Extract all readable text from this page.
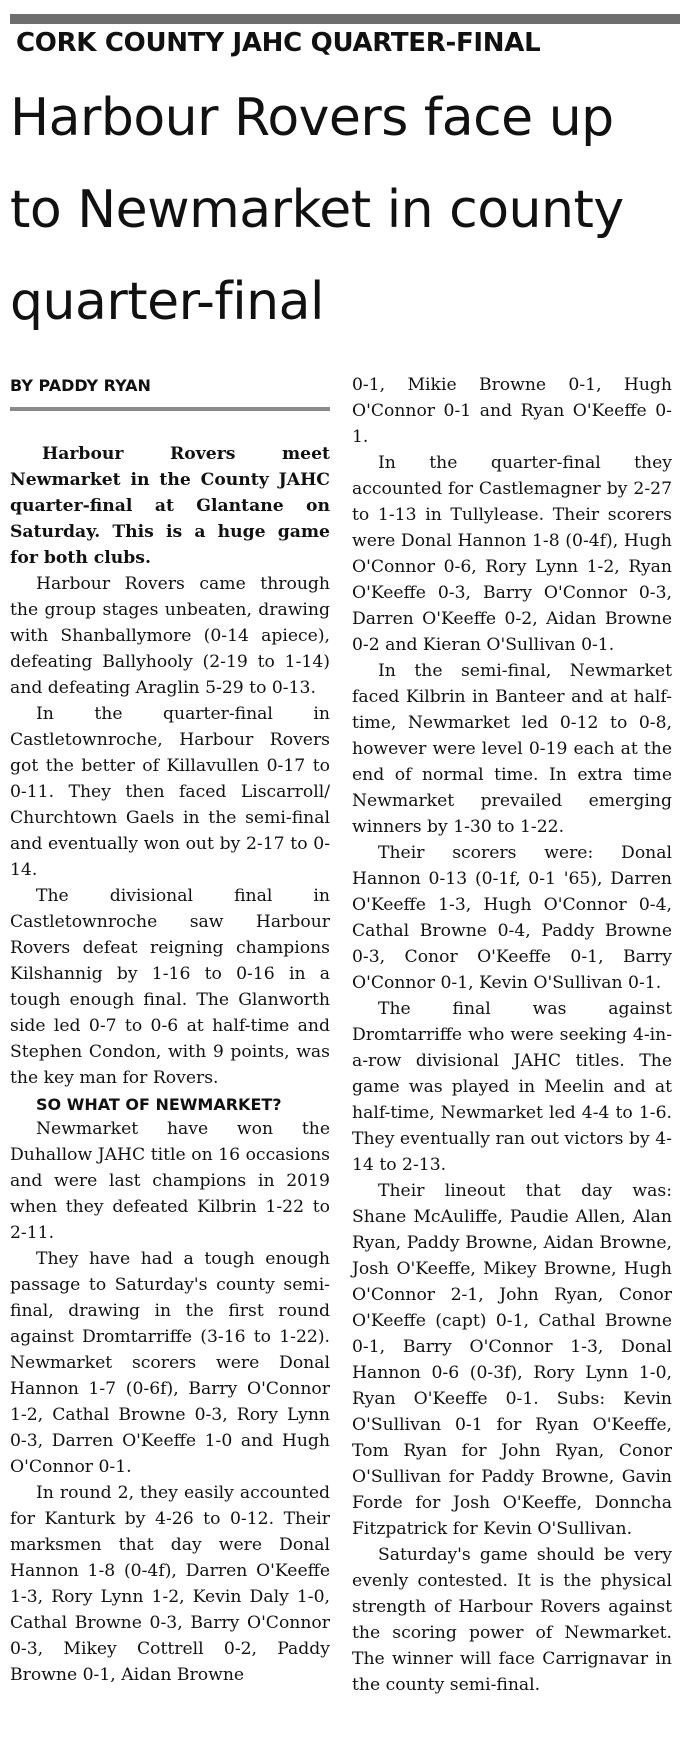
CORK COUNTY JAHC QUARTER-FINAL
Harbour Rovers face up to Newmarket in county quarter-final
BY PADDY RYAN

Harbour Rovers meet Newmarket in the County JAHC quarter-final at Glantane on Saturday. This is a huge game for both clubs.

Harbour Rovers came through the group stages unbeaten, drawing with Shanballymore (0-14 apiece), defeating Ballyhooly (2-19 to 1-14) and defeating Araglin 5-29 to 0-13.

In the quarter-final in Castletownroche, Harbour Rovers got the better of Killavullen 0-17 to 0-11. They then faced Liscarroll/ Churchtown Gaels in the semi-final and eventually won out by 2-17 to 0-14.

The divisional final in Castletownroche saw Harbour Rovers defeat reigning champions Kilshannig by 1-16 to 0-16 in a tough enough final. The Glanworth side led 0-7 to 0-6 at half-time and Stephen Condon, with 9 points, was the key man for Rovers.

SO WHAT OF NEWMARKET?

Newmarket have won the Duhallow JAHC title on 16 occasions and were last champions in 2019 when they defeated Kilbrin 1-22 to 2-11.

They have had a tough enough passage to Saturday's county semi-final, drawing in the first round against Dromtarriffe (3-16 to 1-22). Newmarket scorers were Donal Hannon 1-7 (0-6f), Barry O'Connor 1-2, Cathal Browne 0-3, Rory Lynn 0-3, Darren O'Keeffe 1-0 and Hugh O'Connor 0-1.

In round 2, they easily accounted for Kanturk by 4-26 to 0-12. Their marksmen that day were Donal Hannon 1-8 (0-4f), Darren O'Keeffe 1-3, Rory Lynn 1-2, Kevin Daly 1-0, Cathal Browne 0-3, Barry O'Connor 0-3, Mikey Cottrell 0-2, Paddy Browne 0-1, Aidan Browne

0-1, Mikie Browne 0-1, Hugh O'Connor 0-1 and Ryan O'Keeffe 0-1.

In the quarter-final they accounted for Castlemagner by 2-27 to 1-13 in Tullylease. Their scorers were Donal Hannon 1-8 (0-4f), Hugh O'Connor 0-6, Rory Lynn 1-2, Ryan O'Keeffe 0-3, Barry O'Connor 0-3, Darren O'Keeffe 0-2, Aidan Browne 0-2 and Kieran O'Sullivan 0-1.

In the semi-final, Newmarket faced Kilbrin in Banteer and at half-time, Newmarket led 0-12 to 0-8, however were level 0-19 each at the end of normal time. In extra time Newmarket prevailed emerging winners by 1-30 to 1-22.

Their scorers were: Donal Hannon 0-13 (0-1f, 0-1 '65), Darren O'Keeffe 1-3, Hugh O'Connor 0-4, Cathal Browne 0-4, Paddy Browne 0-3, Conor O'Keeffe 0-1, Barry O'Connor 0-1, Kevin O'Sullivan 0-1.

The final was against Dromtarriffe who were seeking 4-in-a-row divisional JAHC titles. The game was played in Meelin and at half-time, Newmarket led 4-4 to 1-6. They eventually ran out victors by 4-14 to 2-13.

Their lineout that day was: Shane McAuliffe, Paudie Allen, Alan Ryan, Paddy Browne, Aidan Browne, Josh O'Keeffe, Mikey Browne, Hugh O'Connor 2-1, John Ryan, Conor O'Keeffe (capt) 0-1, Cathal Browne 0-1, Barry O'Connor 1-3, Donal Hannon 0-6 (0-3f), Rory Lynn 1-0, Ryan O'Keeffe 0-1. Subs: Kevin O'Sullivan 0-1 for Ryan O'Keeffe, Tom Ryan for John Ryan, Conor O'Sullivan for Paddy Browne, Gavin Forde for Josh O'Keeffe, Donncha Fitzpatrick for Kevin O'Sullivan.

Saturday's game should be very evenly contested. It is the physical strength of Harbour Rovers against the scoring power of Newmarket. The winner will face Carrignavar in the county semi-final.
